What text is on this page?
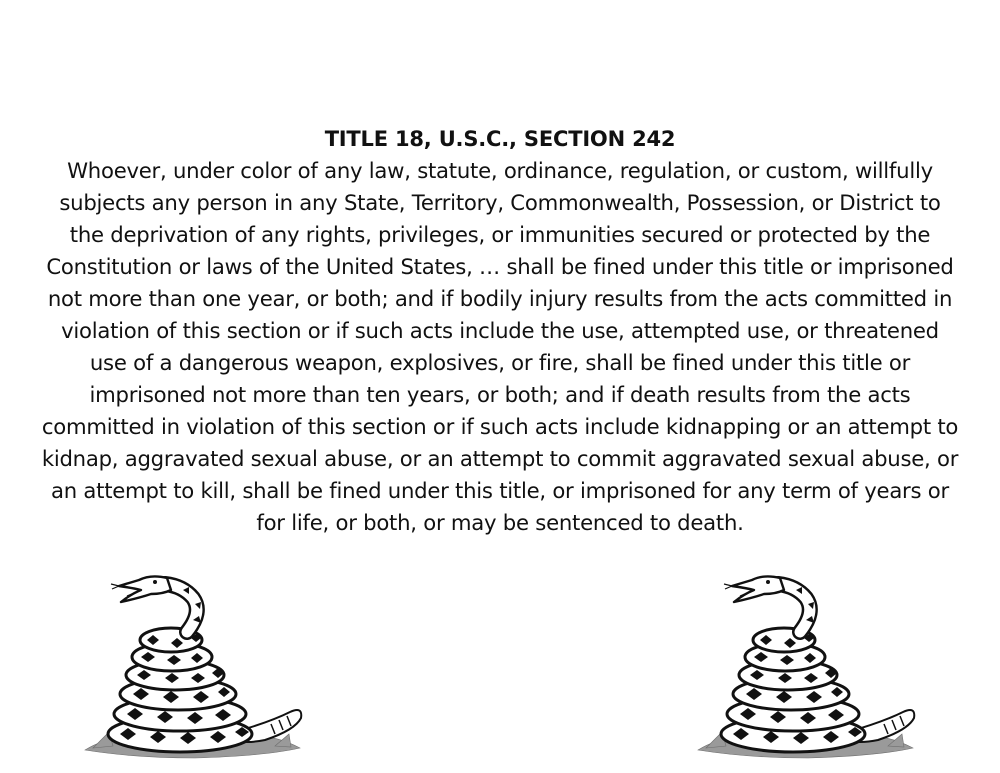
TITLE 18, U.S.C., SECTION 242

Whoever, under color of any law, statute, ordinance, regulation, or custom, willfully subjects any person in any State, Territory, Commonwealth, Possession, or District to the deprivation of any rights, privileges, or immunities secured or protected by the Constitution or laws of the United States, … shall be fined under this title or imprisoned not more than one year, or both; and if bodily injury results from the acts committed in violation of this section or if such acts include the use, attempted use, or threatened use of a dangerous weapon, explosives, or fire, shall be fined under this title or imprisoned not more than ten years, or both; and if death results from the acts committed in violation of this section or if such acts include kidnapping or an attempt to kidnap, aggravated sexual abuse, or an attempt to commit aggravated sexual abuse, or an attempt to kill, shall be fined under this title, or imprisoned for any term of years or for life, or both, or may be sentenced to death.
